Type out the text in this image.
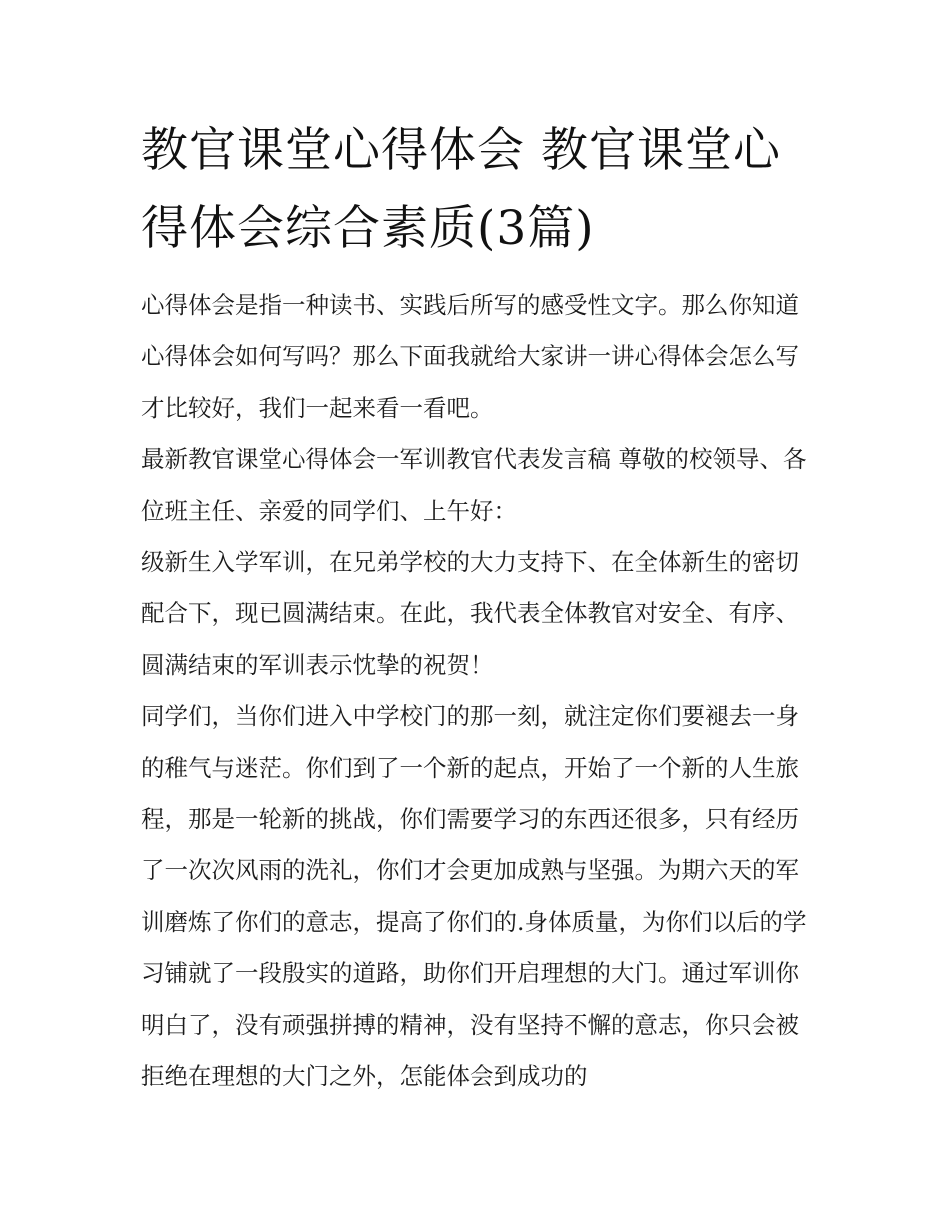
教官课堂心得体会 教官课堂心得体会综合素质(3篇)

心得体会是指一种读书、实践后所写的感受性文字。那么你知道心得体会如何写吗？那么下面我就给大家讲一讲心得体会怎么写才比较好，我们一起来看一看吧。

最新教官课堂心得体会一军训教官代表发言稿 尊敬的校领导、各位班主任、亲爱的同学们、上午好：

级新生入学军训，在兄弟学校的大力支持下、在全体新生的密切配合下，现已圆满结束。在此，我代表全体教官对安全、有序、圆满结束的军训表示忱挚的祝贺！

同学们，当你们进入中学校门的那一刻，就注定你们要褪去一身的稚气与迷茫。你们到了一个新的起点，开始了一个新的人生旅程，那是一轮新的挑战，你们需要学习的东西还很多，只有经历了一次次风雨的洗礼，你们才会更加成熟与坚强。为期六天的军训磨炼了你们的意志，提高了你们的.身体质量，为你们以后的学习铺就了一段殷实的道路，助你们开启理想的大门。通过军训你明白了，没有顽强拼搏的精神，没有坚持不懈的意志，你只会被拒绝在理想的大门之外，怎能体会到成功的
